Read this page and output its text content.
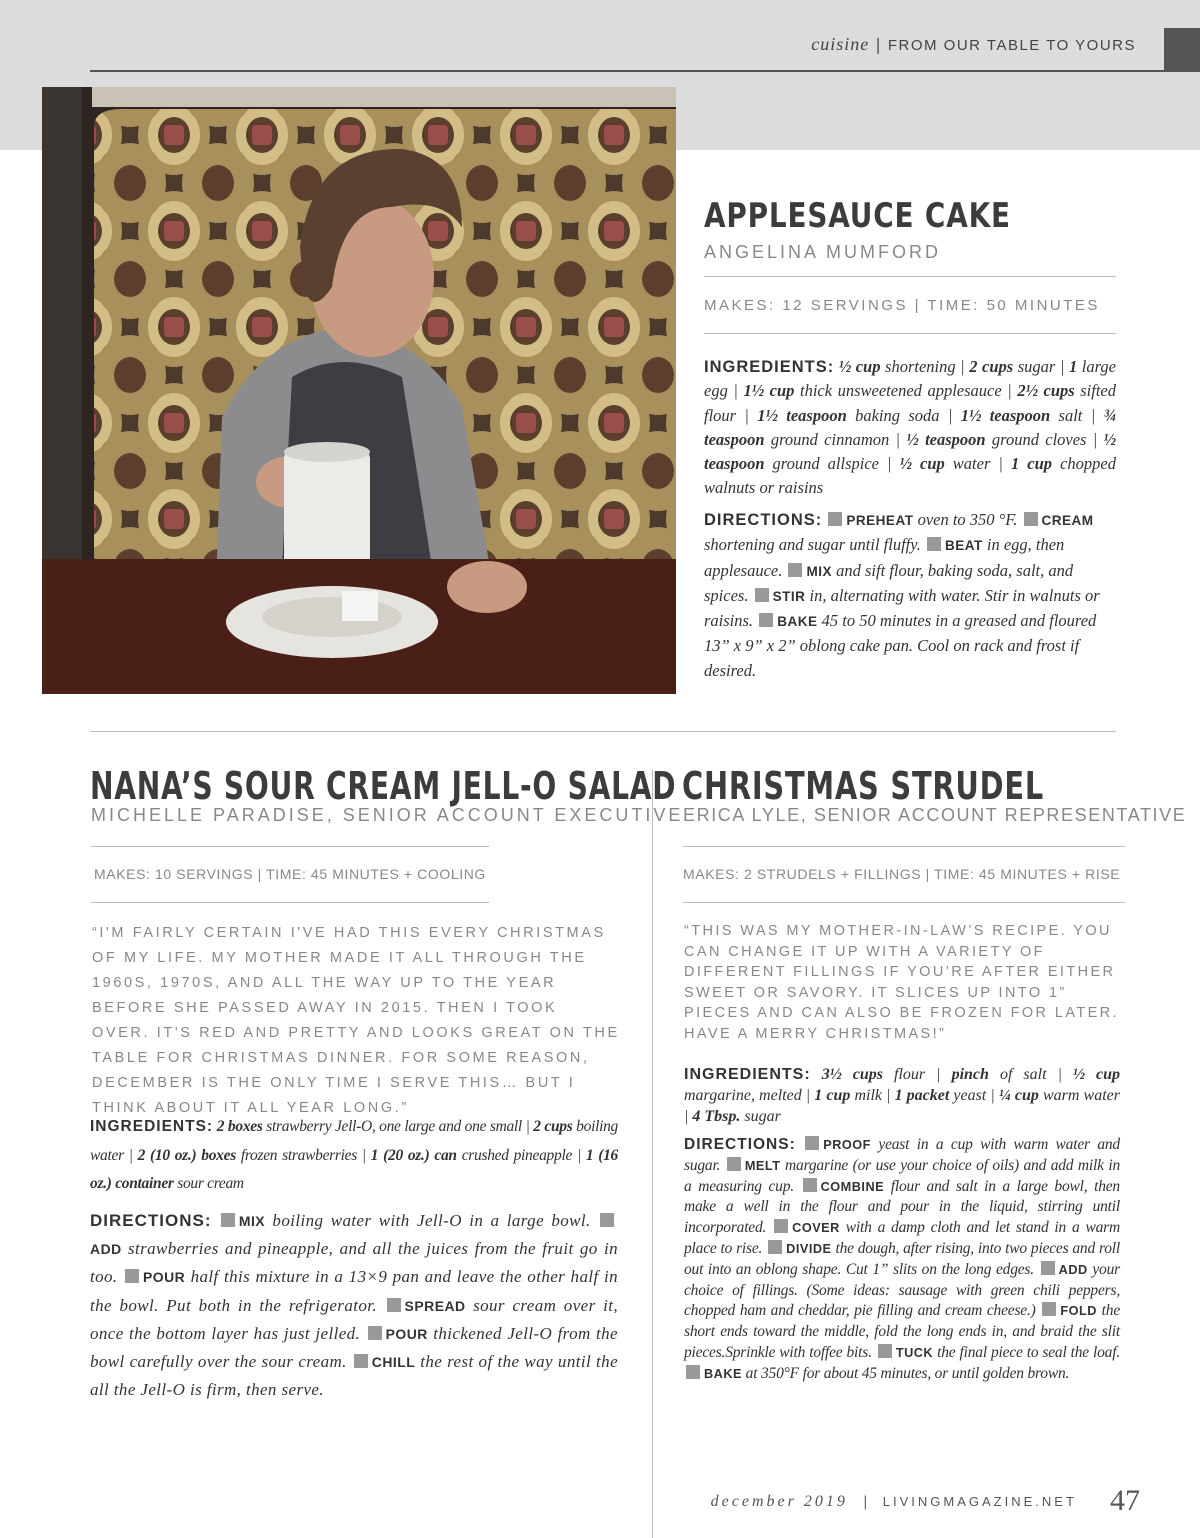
cuisine | FROM OUR TABLE TO YOURS
APPLESAUCE CAKE
ANGELINA MUMFORD
MAKES: 12 SERVINGS | TIME: 50 MINUTES
INGREDIENTS: ½ cup shortening | 2 cups sugar | 1 large egg | 1½ cup thick unsweetened applesauce | 2½ cups sifted flour | 1½ teaspoon baking soda | 1½ teaspoon salt | ¾ teaspoon ground cinnamon | ½ teaspoon ground cloves | ½ teaspoon ground allspice | ½ cup water | 1 cup chopped walnuts or raisins
DIRECTIONS: PREHEAT oven to 350 °F. CREAM shortening and sugar until fluffy. BEAT in egg, then applesauce. MIX and sift flour, baking soda, salt, and spices. STIR in, alternating with water. Stir in walnuts or raisins. BAKE 45 to 50 minutes in a greased and floured 13” x 9” x 2” oblong cake pan. Cool on rack and frost if desired.
NANA’S SOUR CREAM JELL-O SALAD
MICHELLE PARADISE, SENIOR ACCOUNT EXECUTIVE
MAKES: 10 SERVINGS | TIME: 45 MINUTES + COOLING
“I'M FAIRLY CERTAIN I'VE HAD THIS EVERY CHRISTMAS OF MY LIFE. MY MOTHER MADE IT ALL THROUGH THE 1960S, 1970S, AND ALL THE WAY UP TO THE YEAR BEFORE SHE PASSED AWAY IN 2015. THEN I TOOK OVER. IT'S RED AND PRETTY AND LOOKS GREAT ON THE TABLE FOR CHRISTMAS DINNER. FOR SOME REASON, DECEMBER IS THE ONLY TIME I SERVE THIS… BUT I THINK ABOUT IT ALL YEAR LONG.”
INGREDIENTS: 2 boxes strawberry Jell-O, one large and one small | 2 cups boiling water | 2 (10 oz.) boxes frozen strawberries | 1 (20 oz.) can crushed pineapple | 1 (16 oz.) container sour cream
DIRECTIONS: MIX boiling water with Jell-O in a large bowl. ADD strawberries and pineapple, and all the juices from the fruit go in too. POUR half this mixture in a 13×9 pan and leave the other half in the bowl. Put both in the refrigerator. SPREAD sour cream over it, once the bottom layer has just jelled. POUR thickened Jell-O from the bowl carefully over the sour cream. CHILL the rest of the way until the all the Jell-O is firm, then serve.
CHRISTMAS STRUDEL
ERICA LYLE, SENIOR ACCOUNT REPRESENTATIVE
MAKES: 2 STRUDELS + FILLINGS | TIME: 45 MINUTES + RISE
“THIS WAS MY MOTHER-IN-LAW’S RECIPE. YOU CAN CHANGE IT UP WITH A VARIETY OF DIFFERENT FILLINGS IF YOU’RE AFTER EITHER SWEET OR SAVORY. IT SLICES UP INTO 1” PIECES AND CAN ALSO BE FROZEN FOR LATER. HAVE A MERRY CHRISTMAS!”
INGREDIENTS: 3½ cups flour | pinch of salt | ½ cup margarine, melted | 1 cup milk | 1 packet yeast | ¼ cup warm water | 4 Tbsp. sugar
DIRECTIONS: PROOF yeast in a cup with warm water and sugar. MELT margarine (or use your choice of oils) and add milk in a measuring cup. COMBINE flour and salt in a large bowl, then make a well in the flour and pour in the liquid, stirring until incorporated. COVER with a damp cloth and let stand in a warm place to rise. DIVIDE the dough, after rising, into two pieces and roll out into an oblong shape. Cut 1” slits on the long edges. ADD your choice of fillings. (Some ideas: sausage with green chili peppers, chopped ham and cheddar, pie filling and cream cheese.) FOLD the short ends toward the middle, fold the long ends in, and braid the slit pieces.Sprinkle with toffee bits. TUCK the final piece to seal the loaf. BAKE at 350°F for about 45 minutes, or until golden brown.
december 2019 | LIVINGMAGAZINE.NET 47
